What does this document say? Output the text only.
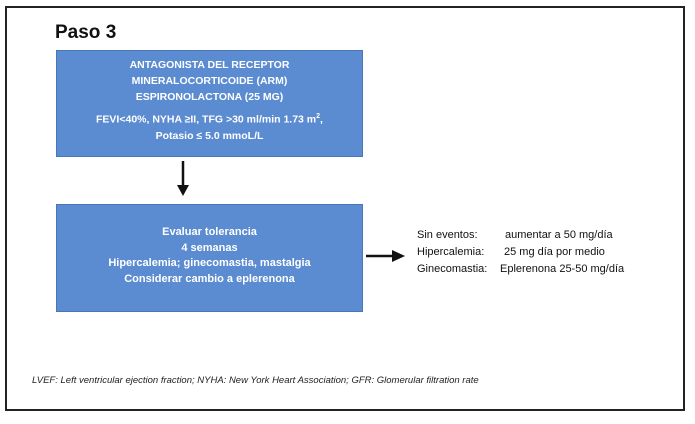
Paso 3
ANTAGONISTA DEL RECEPTOR
MINERALOCORTICOIDE (ARM)
ESPIRONOLACTONA (25 MG)
FEVI<40%, NYHA ≥II, TFG >30 ml/min 1.73 $m^2$,
Potasio ≤ 5.0 mmoL/L
Evaluar tolerancia
4 semanas
Hipercalemia; ginecomastia, mastalgia
Considerar cambio a eplerenona
Sin eventos: aumentar a 50 mg/día
Hipercalemia: 25 mg día por medio
Ginecomastia: Eplerenona 25-50 mg/día
LVEF: Left ventricular ejection fraction; NYHA: New York Heart Association; GFR: Glomerular filtration rate
